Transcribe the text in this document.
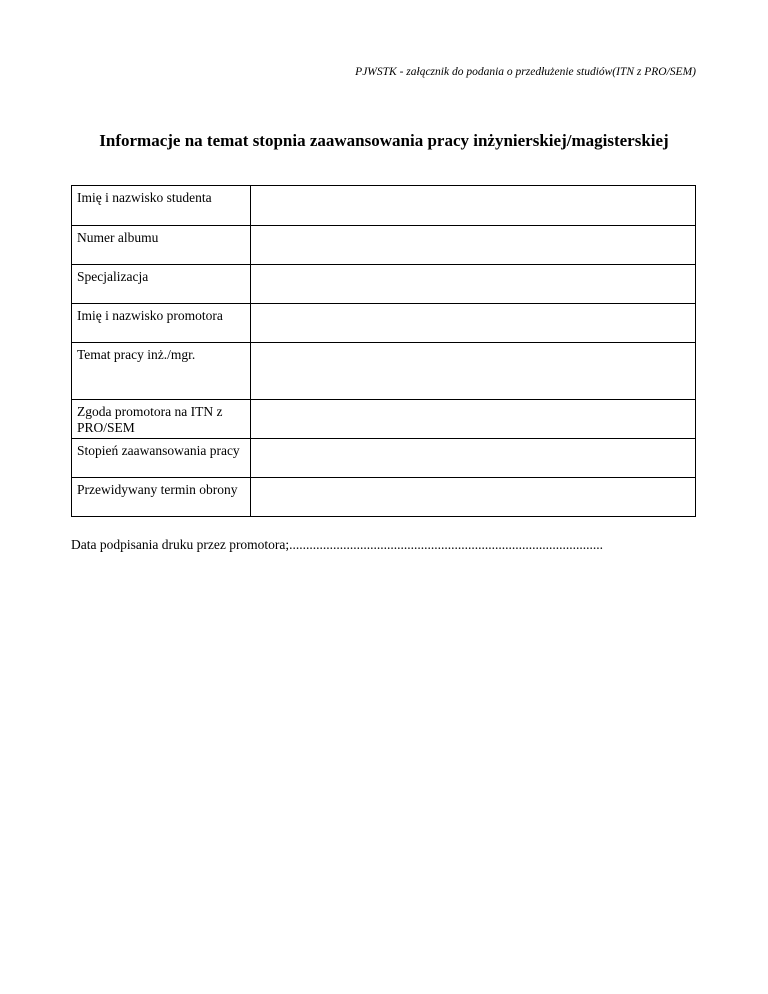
PJWSTK - załącznik do podania o przedłużenie studiów(ITN z PRO/SEM)
Informacje na temat stopnia zaawansowania pracy inżynierskiej/magisterskiej
Imię i nazwisko studenta	
Numer albumu	
Specjalizacja	
Imię i nazwisko promotora	
Temat pracy inż./mgr.	
Zgoda promotora na ITN z PRO/SEM	
Stopień zaawansowania pracy	
Przewidywany termin obrony	
Data podpisania druku przez promotora;.............................................................................................
